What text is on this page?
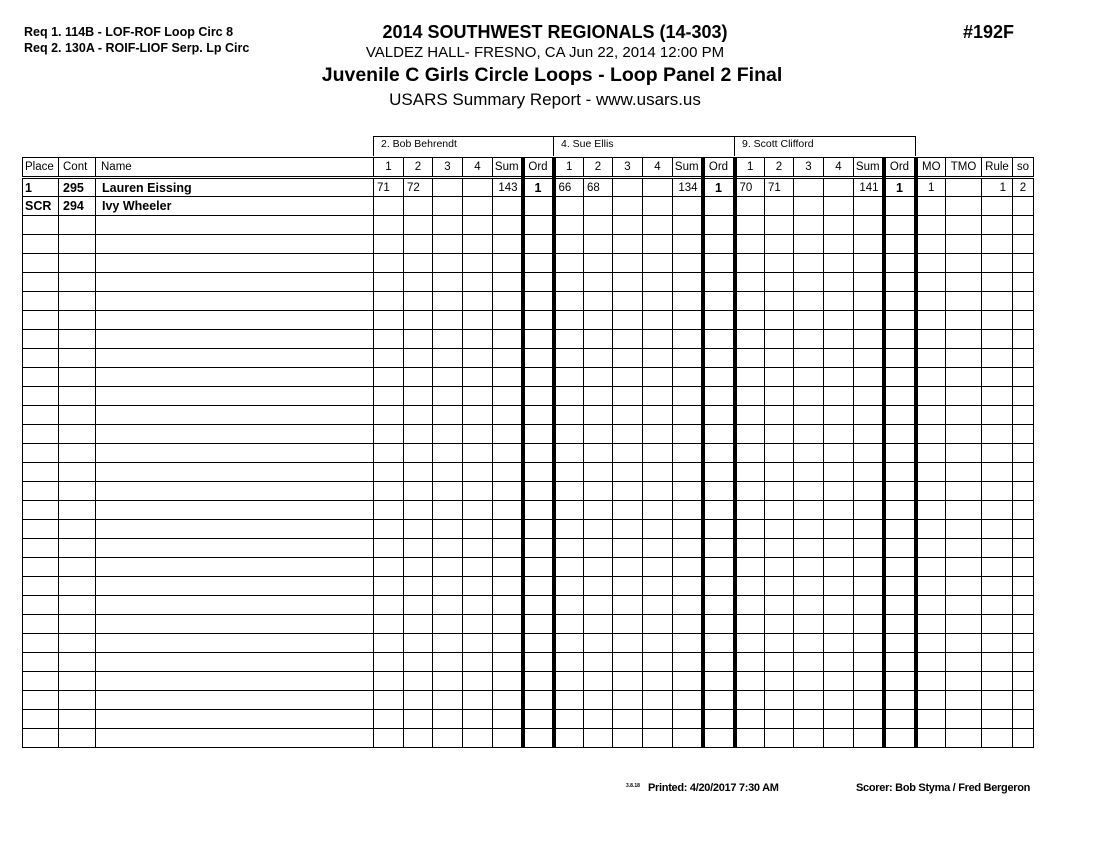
Req 1. 114B - LOF-ROF Loop Circ 8
Req 2. 130A - ROIF-LIOF Serp. Lp Circ
#192F
2014 SOUTHWEST REGIONALS (14-303)
VALDEZ HALL- FRESNO, CA Jun 22, 2014 12:00 PM
Juvenile C Girls Circle Loops - Loop Panel 2 Final
USARS Summary Report - www.usars.us
2. Bob Behrendt	4. Sue Ellis	9. Scott Clifford
Place	Cont	Name	1	2	3	4	Sum	Ord	1	2	3	4	Sum	Ord	1	2	3	4	Sum	Ord	MO	TMO	Rule	so
1	295	Lauren Eissing	71	72			143	1	66	68			134	1	70	71			141	1	1		1	2
SCR	294	Ivy Wheeler																						

3.8.18 Printed: 4/20/2017 7:30 AM	Scorer: Bob Styma / Fred Bergeron
